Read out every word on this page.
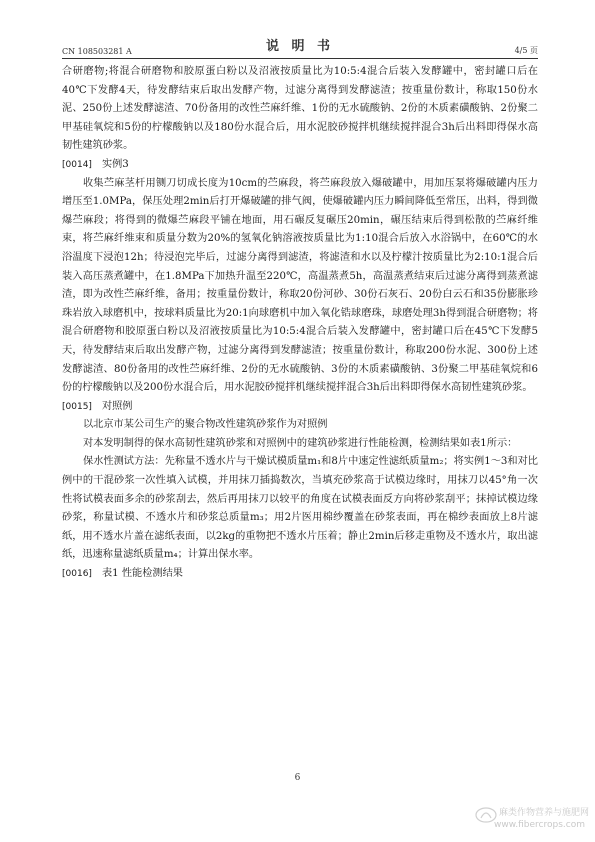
CN 108503281 A	说 明 书	4/5 页

合研磨物;将混合研磨物和胶原蛋白粉以及沼液按质量比为10:5:4混合后装入发酵罐中，密封罐口后在40℃下发酵4天，待发酵结束后取出发酵产物，过滤分离得到发酵滤渣；按重量份数计，称取150份水泥、250份上述发酵滤渣、70份备用的改性苎麻纤维、1份的无水硫酸钠、2份的木质素磺酸钠、2份聚二甲基硅氧烷和5份的柠檬酸钠以及180份水混合后，用水泥胶砂搅拌机继续搅拌混合3h后出料即得保水高韧性建筑砂浆。

[0014] 实例3

收集苎麻茎杆用铡刀切成长度为10cm的苎麻段，将苎麻段放入爆破罐中，用加压泵将爆破罐内压力增压至1.0MPa，保压处理2min后打开爆破罐的排气阀，使爆破罐内压力瞬间降低至常压，出料，得到微爆苎麻段；将得到的微爆苎麻段平铺在地面，用石碾反复碾压20min，碾压结束后得到松散的苎麻纤维束，将苎麻纤维束和质量分数为20%的氢氧化钠溶液按质量比为1:10混合后放入水浴锅中，在60℃的水浴温度下浸泡12h；待浸泡完毕后，过滤分离得到滤渣，将滤渣和水以及柠檬汁按质量比为2:10:1混合后装入高压蒸煮罐中，在1.8MPa下加热升温至220℃，高温蒸煮5h，高温蒸煮结束后过滤分离得到蒸煮滤渣，即为改性苎麻纤维，备用；按重量份数计，称取20份河砂、30份石灰石、20份白云石和35份膨胀珍珠岩放入球磨机中，按球料质量比为20:1向球磨机中加入氧化锆球磨珠，球磨处理3h得到混合研磨物；将混合研磨物和胶原蛋白粉以及沼液按质量比为10:5:4混合后装入发酵罐中，密封罐口后在45℃下发酵5天，待发酵结束后取出发酵产物，过滤分离得到发酵滤渣；按重量份数计，称取200份水泥、300份上述发酵滤渣、80份备用的改性苎麻纤维、2份的无水硫酸钠、3份的木质素磺酸钠、3份聚二甲基硅氧烷和6份的柠檬酸钠以及200份水混合后，用水泥胶砂搅拌机继续搅拌混合3h后出料即得保水高韧性建筑砂浆。

[0015] 对照例

以北京市某公司生产的聚合物改性建筑砂浆作为对照例

对本发明制得的保水高韧性建筑砂浆和对照例中的建筑砂浆进行性能检测，检测结果如表1所示：

保水性测试方法：先称量不透水片与干燥试模质量m₁和8片中速定性滤纸质量m₂；将实例1～3和对比例中的干混砂浆一次性填入试模，并用抹刀插捣数次，当填充砂浆高于试模边缘时，用抹刀以45°角一次性将试模表面多余的砂浆刮去，然后再用抹刀以较平的角度在试模表面反方向将砂浆刮平；抹掉试模边缘砂浆，称量试模、不透水片和砂浆总质量m₃；用2片医用棉纱覆盖在砂浆表面，再在棉纱表面放上8片滤纸，用不透水片盖在滤纸表面，以2kg的重物把不透水片压着；静止2min后移走重物及不透水片，取出滤纸，迅速称量滤纸质量m₄；计算出保水率。

[0016] 表1 性能检测结果

6
麻类作物营养与施肥网
www.fibercrops.com
